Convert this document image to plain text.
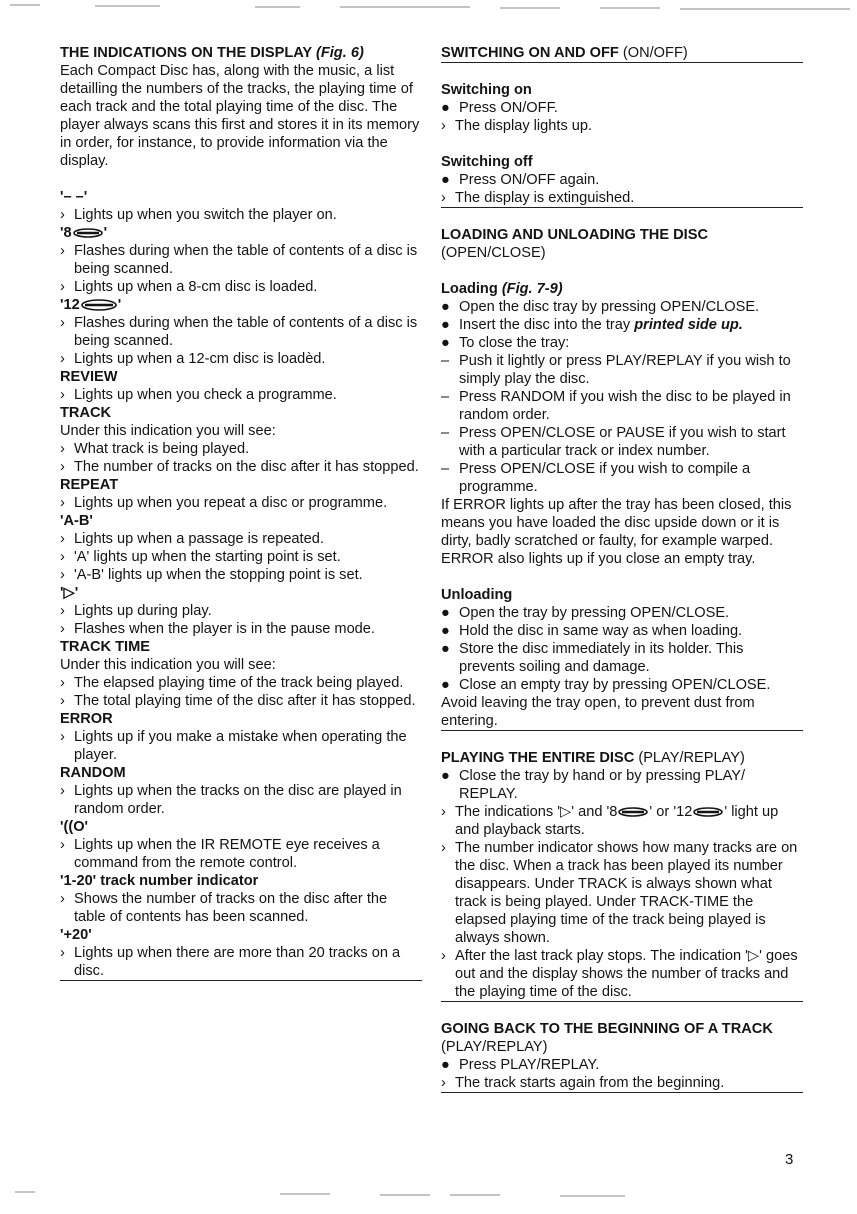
THE INDICATIONS ON THE DISPLAY (Fig. 6)

Each Compact Disc has, along with the music, a list detailling the numbers of the tracks, the playing time of each track and the total playing time of the disc. The player always scans this first and stores it in its memory in order, for instance, to provide information via the display.

'– –'

› Lights up when you switch the player on.

'8 '

› Flashes during when the table of contents of a disc is being scanned.

› Lights up when a 8-cm disc is loaded.

'12	'

› Flashes during when the table of contents of a disc is being scanned.

› Lights up when a 12-cm disc is loadèd.

REVIEW

› Lights up when you check a programme.

TRACK

Under this indication you will see:

› What track is being played.

› The number of tracks on the disc after it has stopped.

REPEAT

› Lights up when you repeat a disc or programme.

'A-B'

› Lights up when a passage is repeated.

› 'A' lights up when the starting point is set.

› 'A-B' lights up when the stopping point is set.

'▷'

› Lights up during play.

› Flashes when the player is in the pause mode.

TRACK TIME

Under this indication you will see:

› The elapsed playing time of the track being played.

› The total playing time of the disc after it has stopped.

ERROR

› Lights up if you make a mistake when operating the player.

RANDOM

› Lights up when the tracks on the disc are played in random order.

'((O'

› Lights up when the IR REMOTE eye receives a command from the remote control.

'1-20' track number indicator

› Shows the number of tracks on the disc after the table of contents has been scanned.

'+20'

› Lights up when there are more than 20 tracks on a disc.

SWITCHING ON AND OFF (ON/OFF)

Switching on

● Press ON/OFF.

› The display lights up.

Switching off

● Press ON/OFF again.

› The display is extinguished.

LOADING AND UNLOADING THE DISC

(OPEN/CLOSE)

Loading (Fig. 7-9)

● Open the disc tray by pressing OPEN/CLOSE.

● Insert the disc into the tray printed side up.

● To close the tray:

– Push it lightly or press PLAY/REPLAY if you wish to simply play the disc.

– Press RANDOM if you wish the disc to be played in random order.

– Press OPEN/CLOSE or PAUSE if you wish to start with a particular track or index number.

– Press OPEN/CLOSE if you wish to compile a programme.

If ERROR lights up after the tray has been closed, this means you have loaded the disc upside down or it is dirty, badly scratched or faulty, for example warped. ERROR also lights up if you close an empty tray.

Unloading

● Open the tray by pressing OPEN/CLOSE.

● Hold the disc in same way as when loading.

● Store the disc immediately in its holder. This prevents soiling and damage.

● Close an empty tray by pressing OPEN/CLOSE.

Avoid leaving the tray open, to prevent dust from entering.

PLAYING THE ENTIRE DISC (PLAY/REPLAY)

● Close the tray by hand or by pressing PLAY/ REPLAY.

› The indications '▷' and '8 ' or '12 ' light up and playback starts.

› The number indicator shows how many tracks are on the disc. When a track has been played its number disappears. Under TRACK is always shown what track is being played. Under TRACK-TIME the elapsed playing time of the track being played is always shown.

› After the last track play stops. The indication '▷' goes out and the display shows the number of tracks and the playing time of the disc.

GOING BACK TO THE BEGINNING OF A TRACK

(PLAY/REPLAY)

● Press PLAY/REPLAY.

› The track starts again from the beginning.

3
